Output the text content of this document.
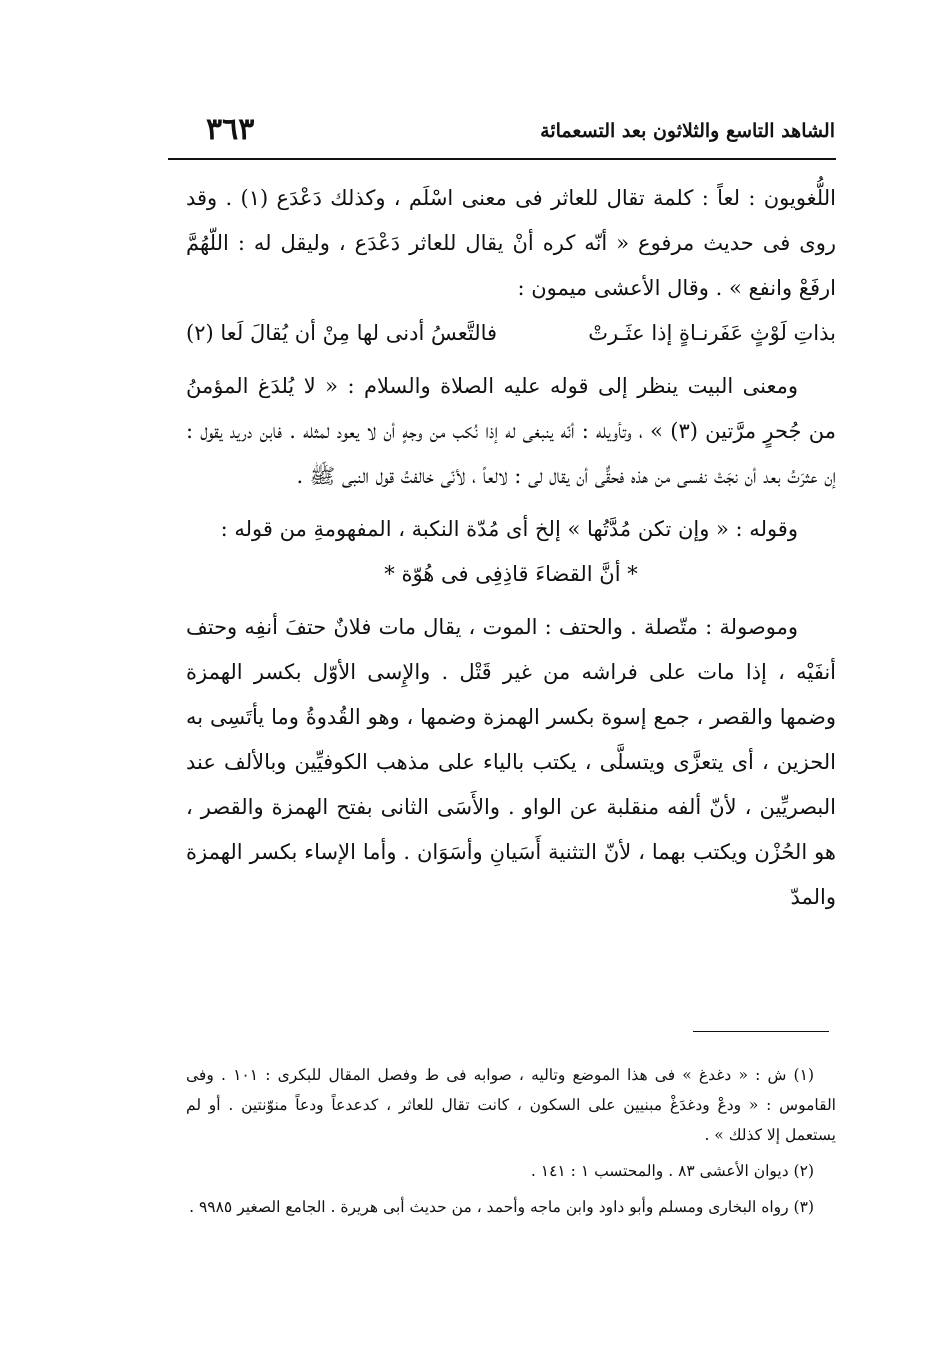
الشاهد التاسع والثلاثون بعد التسعمائة
٣٦٣

اللُّغويون : لعاً : كلمة تقال للعاثر فى معنى اسْلَم ، وكذلك دَعْدَع (١) . وقد روى فى حديث مرفوع « أنّه كره أنْ يقال للعاثر دَعْدَع ، وليقل له : اللّهُمَّ ارفَعْ وانفع » . وقال الأعشى ميمون :

بذاتِ لَوْثٍ عَفَرنـاةٍ إذا عثَـرتْ
فالتَّعسُ أدنى لها مِنْ أن يُقالَ لَعا (٢)

ومعنى البيت ينظر إلى قوله عليه الصلاة والسلام : « لا يُلدَغ المؤمنُ من جُحرٍ مرَّتين (٣) » ، وتأويله : أنّه ينبغى له إذا نُكب من وجهٍ أن لا يعود لمثله . فابن دريد يقول : إن عثرَتُ بعد أن نجَتْ نفسى من هذه فحقٌّى أن يقال لى : لالعاً ، لأنّى خالفتُ قول النبى ﷺ .

وقوله : « وإن تكن مُدَّتُها » إلخ أى مُدّة النكبة ، المفهومةِ من قوله :

* أنَّ القضاءَ قاذِفِى فى هُوّة *

وموصولة : متّصلة . والحتف : الموت ، يقال مات فلانٌ حتفَ أنفِه وحتف أنفَيْه ، إذا مات على فراشه من غير قَتْل . والإِسى الأوّل بكسر الهمزة وضمها والقصر ، جمع إسوة بكسر الهمزة وضمها ، وهو القُدوةُ وما يأتَسِى به الحزين ، أى يتعزَّى ويتسلَّى ، يكتب بالياء على مذهب الكوفيِّين وبالألف عند البصريِّين ، لأنّ ألفه منقلبة عن الواو . والأَسَى الثانى بفتح الهمزة والقصر ، هو الحُزْن ويكتب بهما ، لأنّ التثنية أَسَيانِ وأسَوَان . وأما الإساء بكسر الهمزة والمدّ

(١) ش : « دغدغ » فى هذا الموضع وتاليه ، صوابه فى ط وفصل المقال للبكرى : ١٠١ . وفى القاموس : « ودعْ ودغدَغْ مبنيين على السكون ، كانت تقال للعاثر ، كدعدعاً ودعاً منوّنتين . أو لم يستعمل إلا كذلك » .

(٢) ديوان الأعشى ٨٣ . والمحتسب ١ : ١٤١ .

(٣) رواه البخارى ومسلم وأبو داود وابن ماجه وأحمد ، من حديث أبى هريرة . الجامع الصغير ٩٩٨٥ .
